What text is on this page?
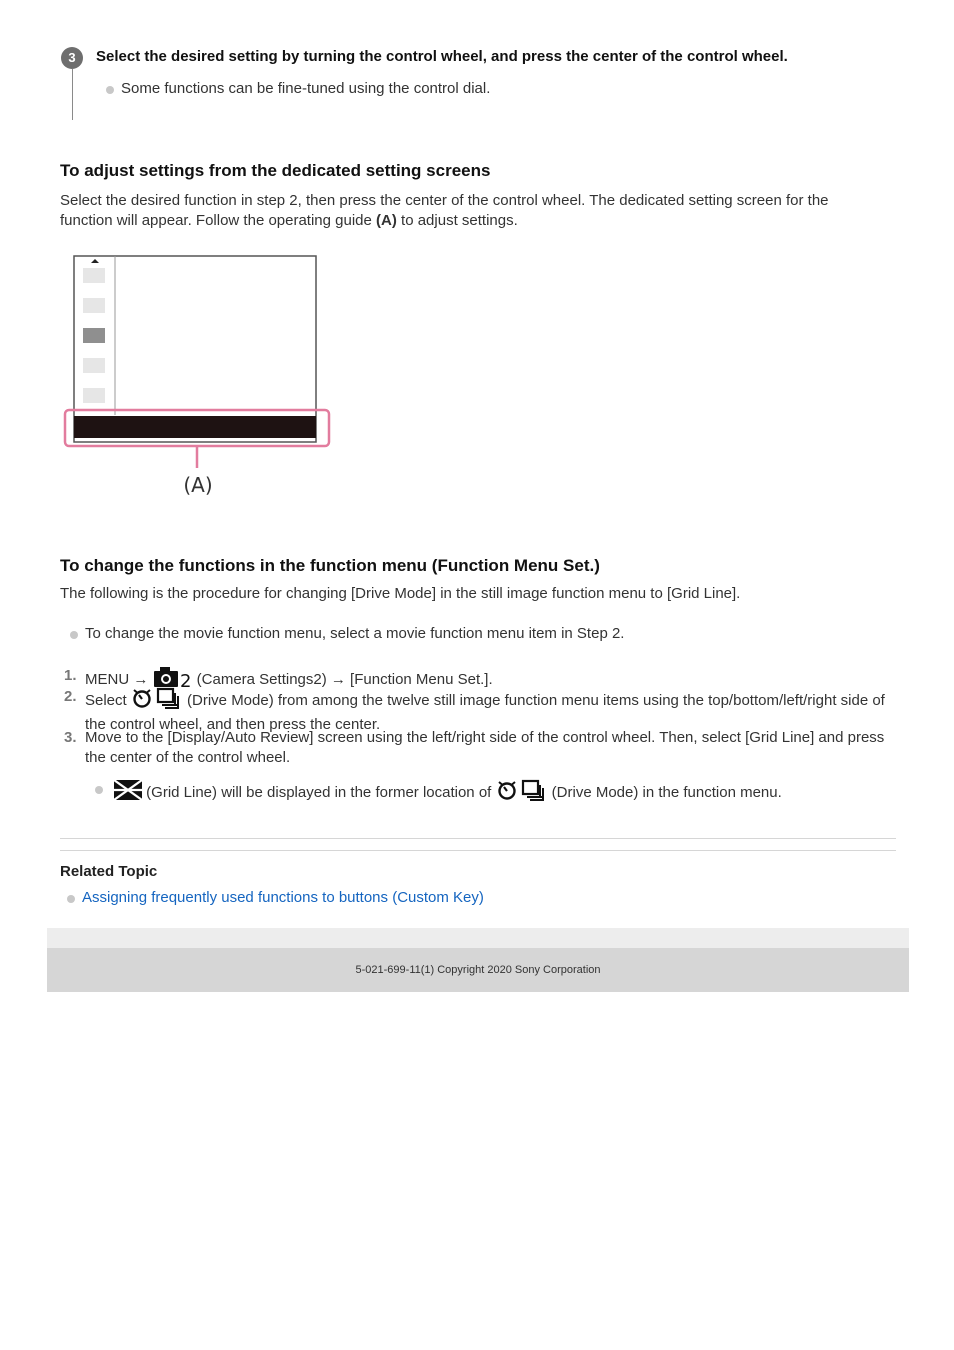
3	Select the desired setting by turning the control wheel, and press the center of the control wheel.
Some functions can be fine-tuned using the control dial.
To adjust settings from the dedicated setting screens
Select the desired function in step 2, then press the center of the control wheel. The dedicated setting screen for the function will appear. Follow the operating guide (A) to adjust settings.
(A)
To change the functions in the function menu (Function Menu Set.)
The following is the procedure for changing [Drive Mode] in the still image function menu to [Grid Line].
To change the movie function menu, select a movie function menu item in Step 2.
1. MENU → 2 (Camera Settings2) → [Function Menu Set.].
2. Select	(Drive Mode) from among the twelve still image function menu items using the top/bottom/left/right side of the control wheel, and then press the center.
3. Move to the [Display/Auto Review] screen using the left/right side of the control wheel. Then, select [Grid Line] and press the center of the control wheel.
(Grid Line) will be displayed in the former location of	(Drive Mode) in the function menu.
Related Topic
Assigning frequently used functions to buttons (Custom Key)
5-021-699-11(1) Copyright 2020 Sony Corporation
